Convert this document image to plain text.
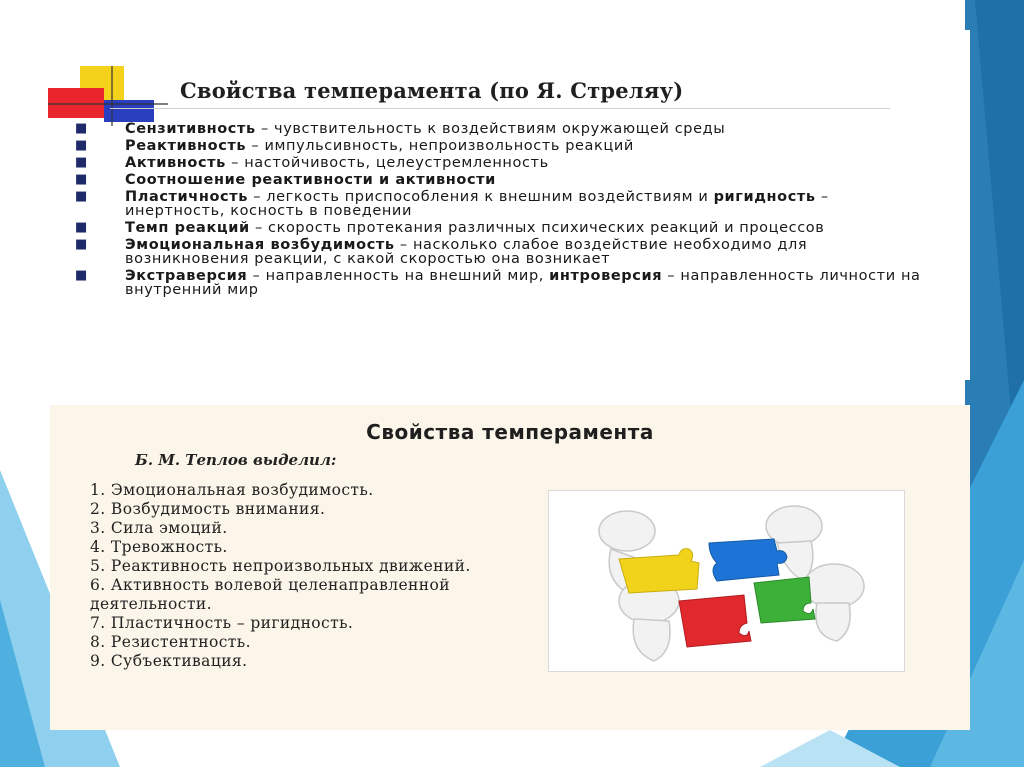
Свойства темперамента (по Я. Стреляу)
■	Сензитивность – чувствительность к воздействиям окружающей среды
■	Реактивность – импульсивность, непроизвольность реакций
■	Активность – настойчивость, целеустремленность
■	Соотношение реактивности и активности
■	Пластичность – легкость приспособления к внешним воздействиям и ригидность – инертность, косность в поведении
■	Темп реакций – скорость протекания различных психических реакций и процессов
■	Эмоциональная возбудимость – насколько слабое воздействие необходимо для возникновения реакции, с какой скоростью она возникает
■	Экстраверсия – направленность на внешний мир, интроверсия – направленность личности на внутренний мир
Свойства темперамента
Б. М. Теплов выделил:
1. Эмоциональная возбудимость.
2. Возбудимость внимания.
3. Сила эмоций.
4. Тревожность.
5. Реактивность непроизвольных движений.
6. Активность волевой целенаправленной деятельности.
7. Пластичность – ригидность.
8. Резистентность.
9. Субъективация.
